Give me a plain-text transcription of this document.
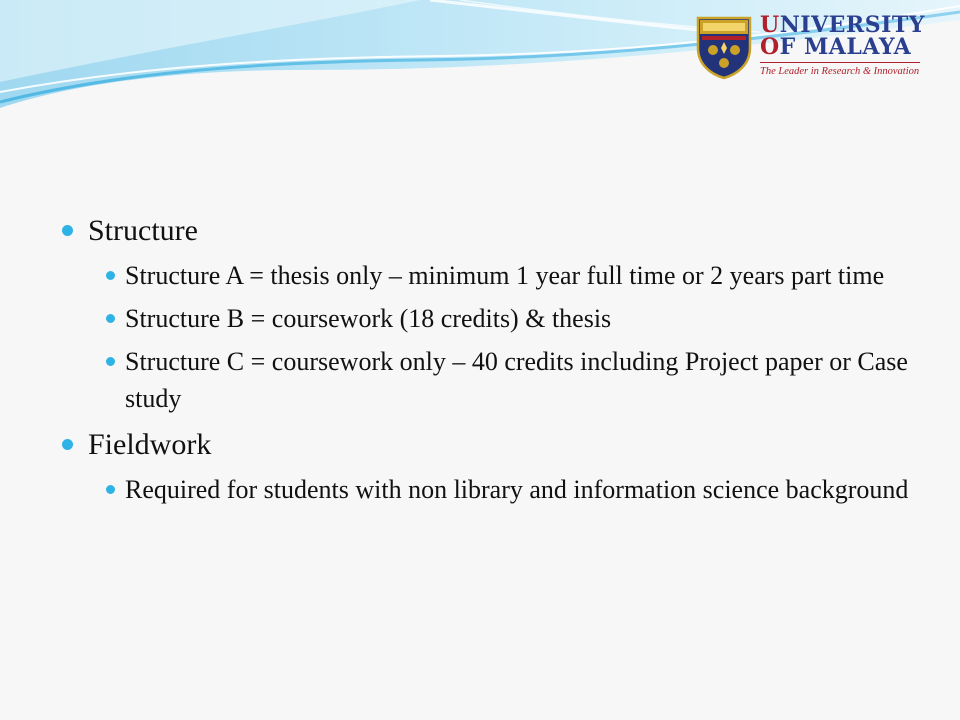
UNIVERSITY
OF MALAYA
The Leader in Research & Innovation
Structure
Structure A = thesis only – minimum 1 year full time or 2 years part time
Structure B = coursework (18 credits) & thesis
Structure C = coursework only – 40 credits including Project paper or Case study
Fieldwork
Required for students with non library and information science background
